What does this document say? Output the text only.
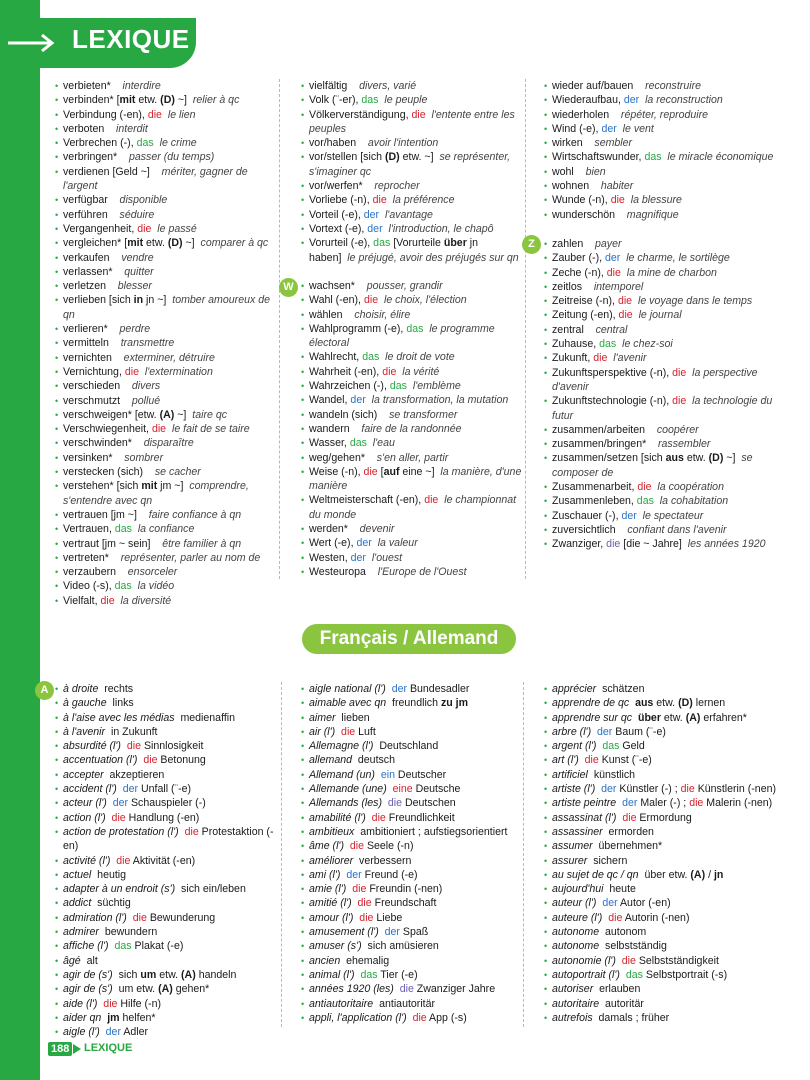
LEXIQUE
• verbieten* interdire
• verbinden* [mit etw. (D) ~] relier à qc
• Verbindung (-en), die le lien
• verboten interdit
• Verbrechen (-), das le crime
• verbringen* passer (du temps)
• verdienen [Geld ~] mériter, gagner de l'argent
• verfügbar disponible
• verführen séduire
• Vergangenheit, die le passé
• vergleichen* [mit etw. (D) ~] comparer à qc
• verkaufen vendre
• verlassen* quitter
• verletzen blesser
• verlieben [sich in jn ~] tomber amoureux de qn
• verlieren* perdre
• vermitteln transmettre
• vernichten exterminer, détruire
• Vernichtung, die l'extermination
• verschieden divers
• verschmutzt pollué
• verschweigen* [etw. (A) ~] taire qc
• Verschwiegenheit, die le fait de se taire
• verschwinden* disparaître
• versinken* sombrer
• verstecken (sich) se cacher
• verstehen* [sich mit jm ~] comprendre, s'entendre avec qn
• vertrauen [jm ~] faire confiance à qn
• Vertrauen, das la confiance
• vertraut [jm ~ sein] être familier à qn
• vertreten* représenter, parler au nom de
• verzaubern ensorceler
• Video (-s), das la vidéo
• Vielfalt, die la diversité
• vielfältig divers, varié
• Volk (¨-er), das le peuple
• Völkerverständigung, die l'entente entre les peuples
• vor/haben avoir l'intention
• vor/stellen [sich (D) etw. ~] se représenter, s'imaginer qc
• vor/werfen* reprocher
• Vorliebe (-n), die la préférence
• Vorteil (-e), der l'avantage
• Vortext (-e), der l'introduction, le chapô
• Vorurteil (-e), das [Vorurteile über jn haben] le préjugé, avoir des préjugés sur qn
W • wachsen* pousser, grandir
• Wahl (-en), die le choix, l'élection
• wählen choisir, élire
• Wahlprogramm (-e), das le programme électoral
• Wahlrecht, das le droit de vote
• Wahrheit (-en), die la vérité
• Wahrzeichen (-), das l'emblème
• Wandel, der la transformation, la mutation
• wandeln (sich) se transformer
• wandern faire de la randonnée
• Wasser, das l'eau
• weg/gehen* s'en aller, partir
• Weise (-n), die [auf eine ~] la manière, d'une manière
• Weltmeisterschaft (-en), die le championnat du monde
• werden* devenir
• Wert (-e), der la valeur
• Westen, der l'ouest
• Westeuropa l'Europe de l'Ouest
• wieder auf/bauen reconstruire
• Wiederaufbau, der la reconstruction
• wiederholen répéter, reproduire
• Wind (-e), der le vent
• wirken sembler
• Wirtschaftswunder, das le miracle économique
• wohl bien
• wohnen habiter
• Wunde (-n), die la blessure
• wunderschön magnifique
Z	• zahlen payer
• Zauber (-), der le charme, le sortilège
• Zeche (-n), die la mine de charbon
• zeitlos intemporel
• Zeitreise (-n), die le voyage dans le temps
• Zeitung (-en), die le journal
• zentral central
• Zuhause, das le chez-soi
• Zukunft, die l'avenir
• Zukunftsperspektive (-n), die la perspective d'avenir
• Zukunftstechnologie (-n), die la technologie du futur
• zusammen/arbeiten coopérer
• zusammen/bringen* rassembler
• zusammen/setzen [sich aus etw. (D) ~] se composer de
• Zusammenarbeit, die la coopération
• Zusammenleben, das la cohabitation
• Zuschauer (-), der le spectateur
• zuversichtlich confiant dans l'avenir
• Zwanziger, die [die ~ Jahre] les années 1920
Français / Allemand
A • à droite rechts
• à gauche links
• à l'aise avec les médias medienaffin
• à l'avenir in Zukunft
• absurdité (l') die Sinnlosigkeit
• accentuation (l') die Betonung
• accepter akzeptieren
• accident (l') der Unfall (¨-e)
• acteur (l') der Schauspieler (-)
• action (l') die Handlung (-en)
• action de protestation (l') die Protestaktion (-en)
• activité (l') die Aktivität (-en)
• actuel heutig
• adapter à un endroit (s') sich ein/leben
• addict süchtig
• admiration (l') die Bewunderung
• admirer bewundern
• affiche (l') das Plakat (-e)
• âgé alt
• agir de (s') sich um etw. (A) handeln
• agir de (s') um etw. (A) gehen*
• aide (l') die Hilfe (-n)
• aider qn jm helfen*
• aigle (l') der Adler
• aigle national (l') der Bundesadler
• aimable avec qn freundlich zu jm
• aimer lieben
• air (l') die Luft
• Allemagne (l') Deutschland
• allemand deutsch
• Allemand (un) ein Deutscher
• Allemande (une) eine Deutsche
• Allemands (les) die Deutschen
• amabilité (l') die Freundlichkeit
• ambitieux ambitioniert ; aufstiegsorientiert
• âme (l') die Seele (-n)
• améliorer verbessern
• ami (l') der Freund (-e)
• amie (l') die Freundin (-nen)
• amitié (l') die Freundschaft
• amour (l') die Liebe
• amusement (l') der Spaß
• amuser (s') sich amüsieren
• ancien ehemalig
• animal (l') das Tier (-e)
• années 1920 (les) die Zwanziger Jahre
• antiautoritaire antiautoritär
• appli, l'application (l') die App (-s)
• apprécier schätzen
• apprendre de qc aus etw. (D) lernen
• apprendre sur qc über etw. (A) erfahren*
• arbre (l') der Baum (¨-e)
• argent (l') das Geld
• art (l') die Kunst (¨-e)
• artificiel künstlich
• artiste (l') der Künstler (-) ; die Künstlerin (-nen)
• artiste peintre der Maler (-) ; die Malerin (-nen)
• assassinat (l') die Ermordung
• assassiner ermorden
• assumer übernehmen*
• assurer sichern
• au sujet de qc / qn über etw. (A) / jn
• aujourd'hui heute
• auteur (l') der Autor (-en)
• auteure (l') die Autorin (-nen)
• autonome autonom
• autonome selbstständig
• autonomie (l') die Selbstständigkeit
• autoportrait (l') das Selbstportrait (-s)
• autoriser erlauben
• autoritaire autoritär
• autrefois damals ; früher
188 LEXIQUE
